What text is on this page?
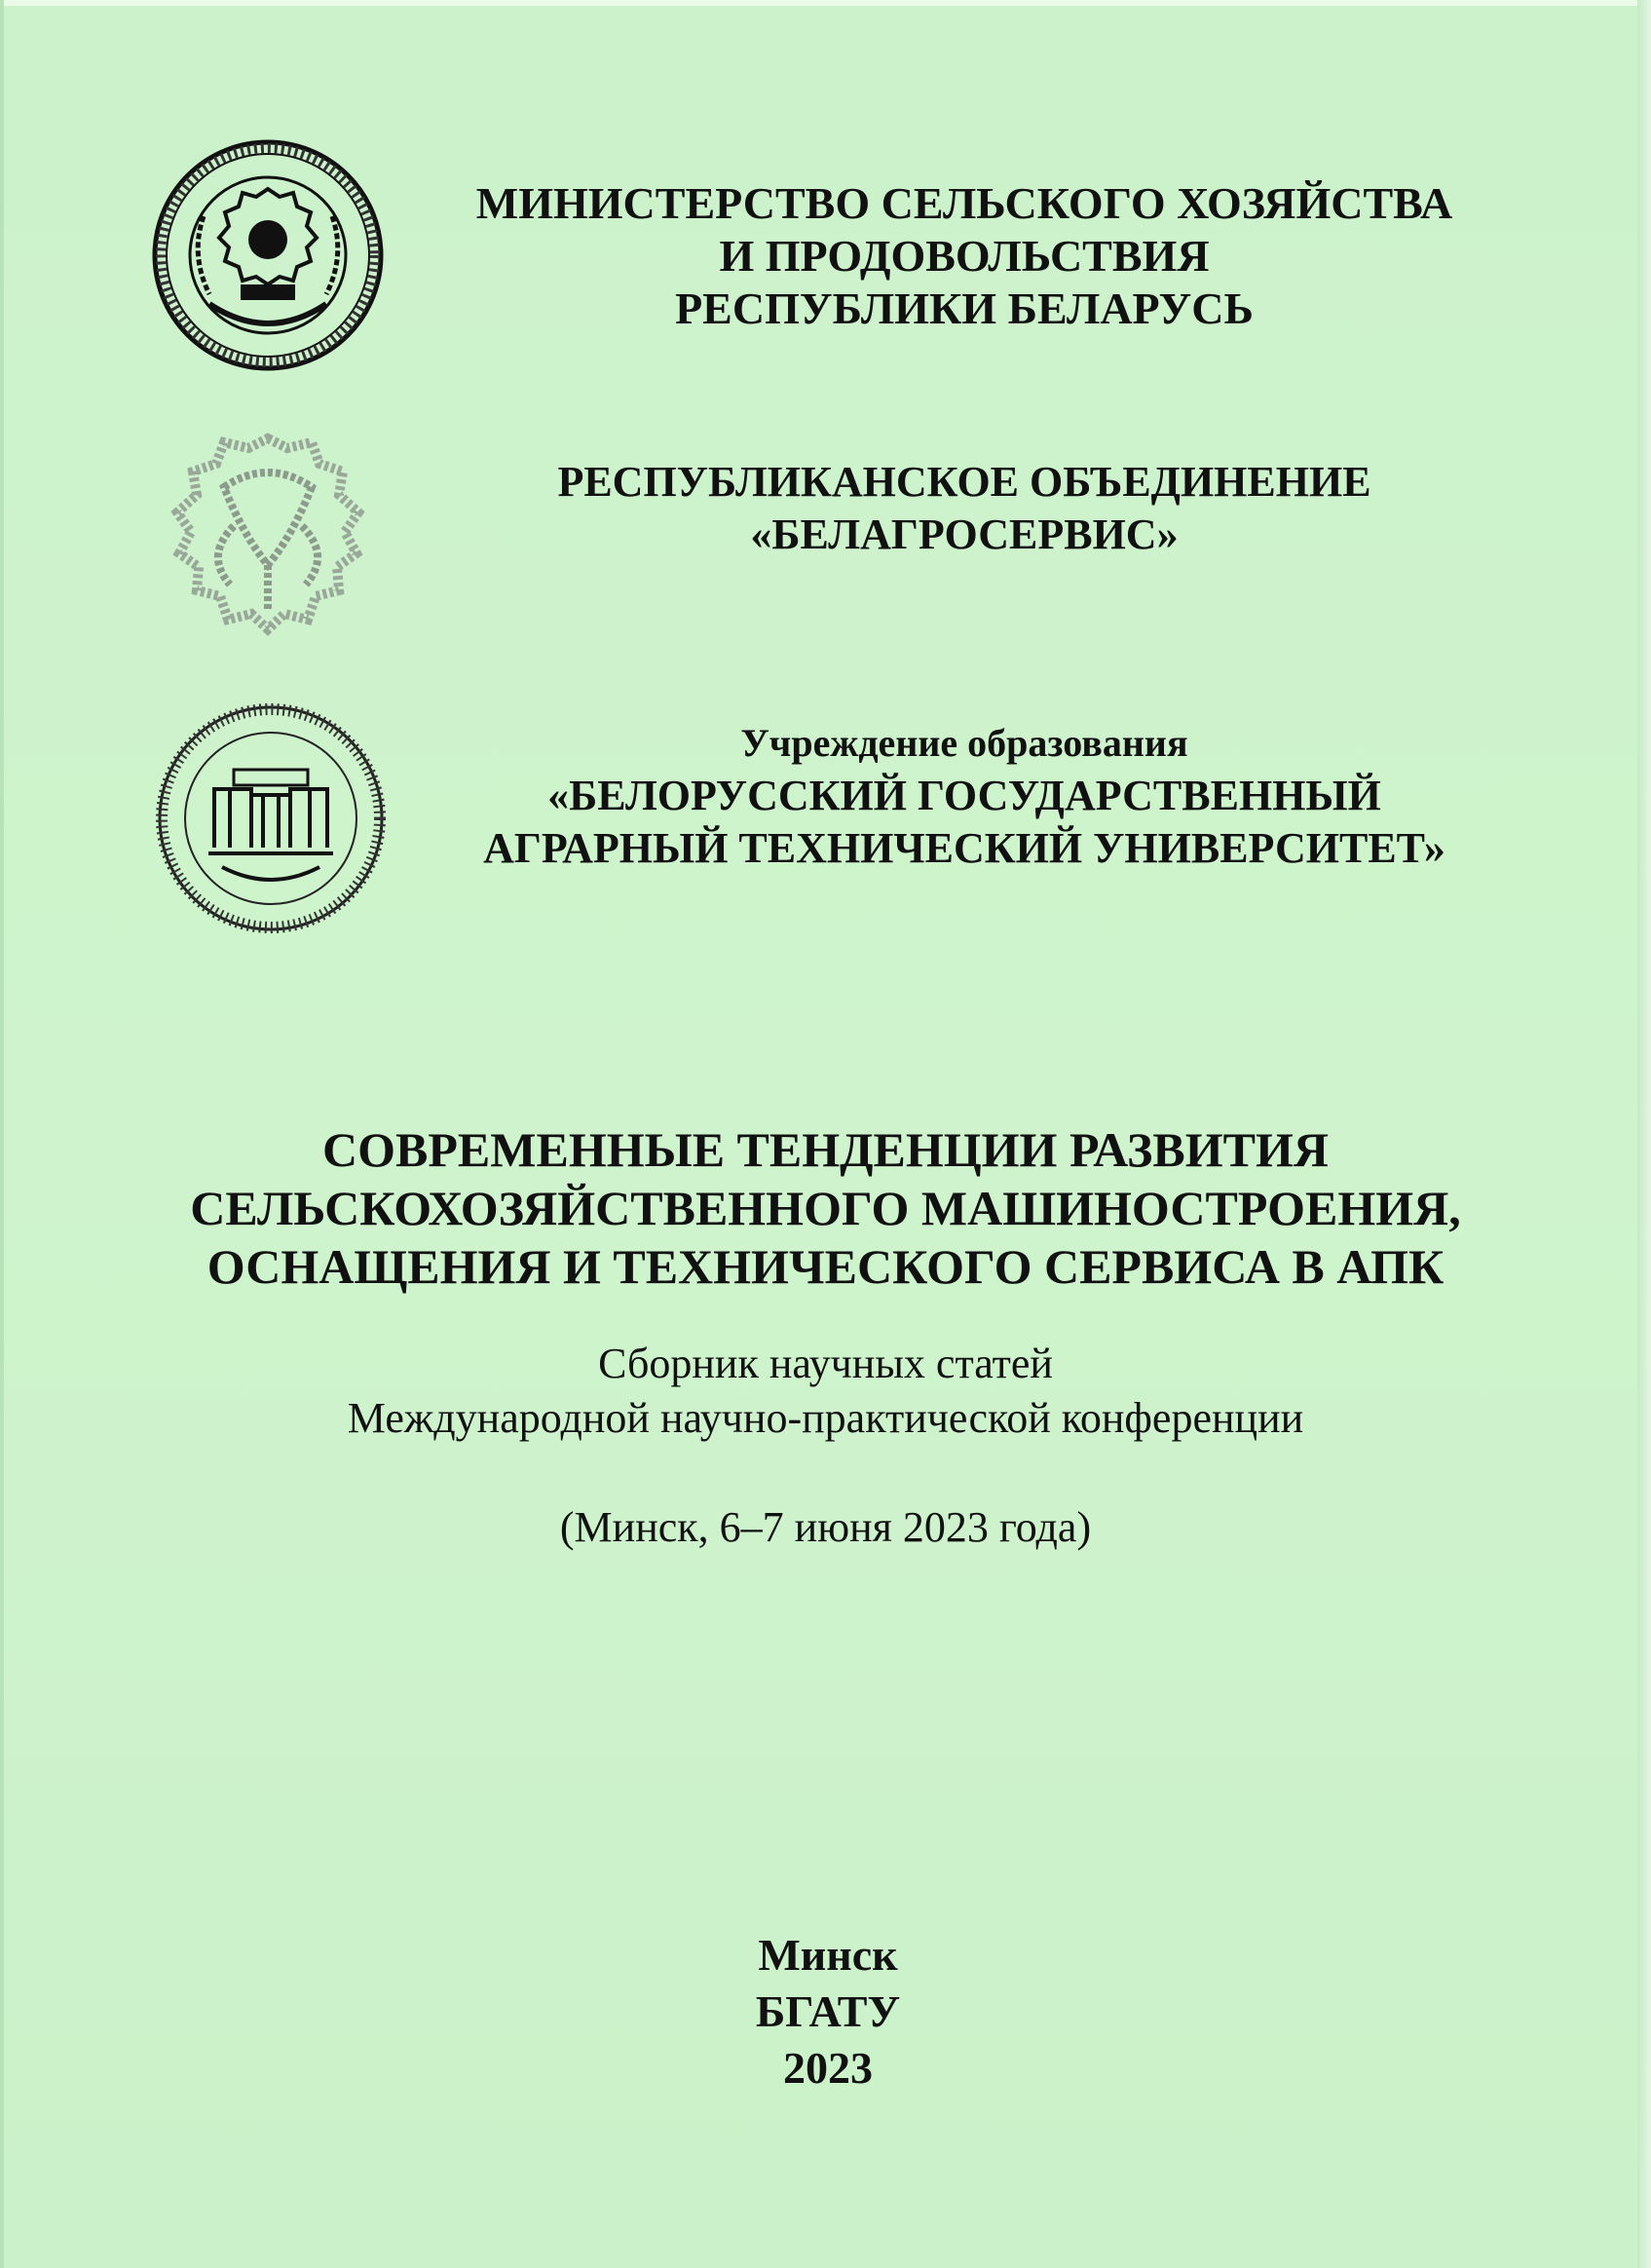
МИНИСТЕРСТВО СЕЛЬСКОГО ХОЗЯЙСТВА
И ПРОДОВОЛЬСТВИЯ
РЕСПУБЛИКИ БЕЛАРУСЬ
РЕСПУБЛИКАНСКОЕ ОБЪЕДИНЕНИЕ
«БЕЛАГРОСЕРВИС»
Учреждение образования
«БЕЛОРУССКИЙ ГОСУДАРСТВЕННЫЙ
АГРАРНЫЙ ТЕХНИЧЕСКИЙ УНИВЕРСИТЕТ»
СОВРЕМЕННЫЕ ТЕНДЕНЦИИ РАЗВИТИЯ
СЕЛЬСКОХОЗЯЙСТВЕННОГО МАШИНОСТРОЕНИЯ,
ОСНАЩЕНИЯ И ТЕХНИЧЕСКОГО СЕРВИСА В АПК
Сборник научных статей
Международной научно-практической конференции
(Минск, 6–7 июня 2023 года)
Минск
БГАТУ
2023
